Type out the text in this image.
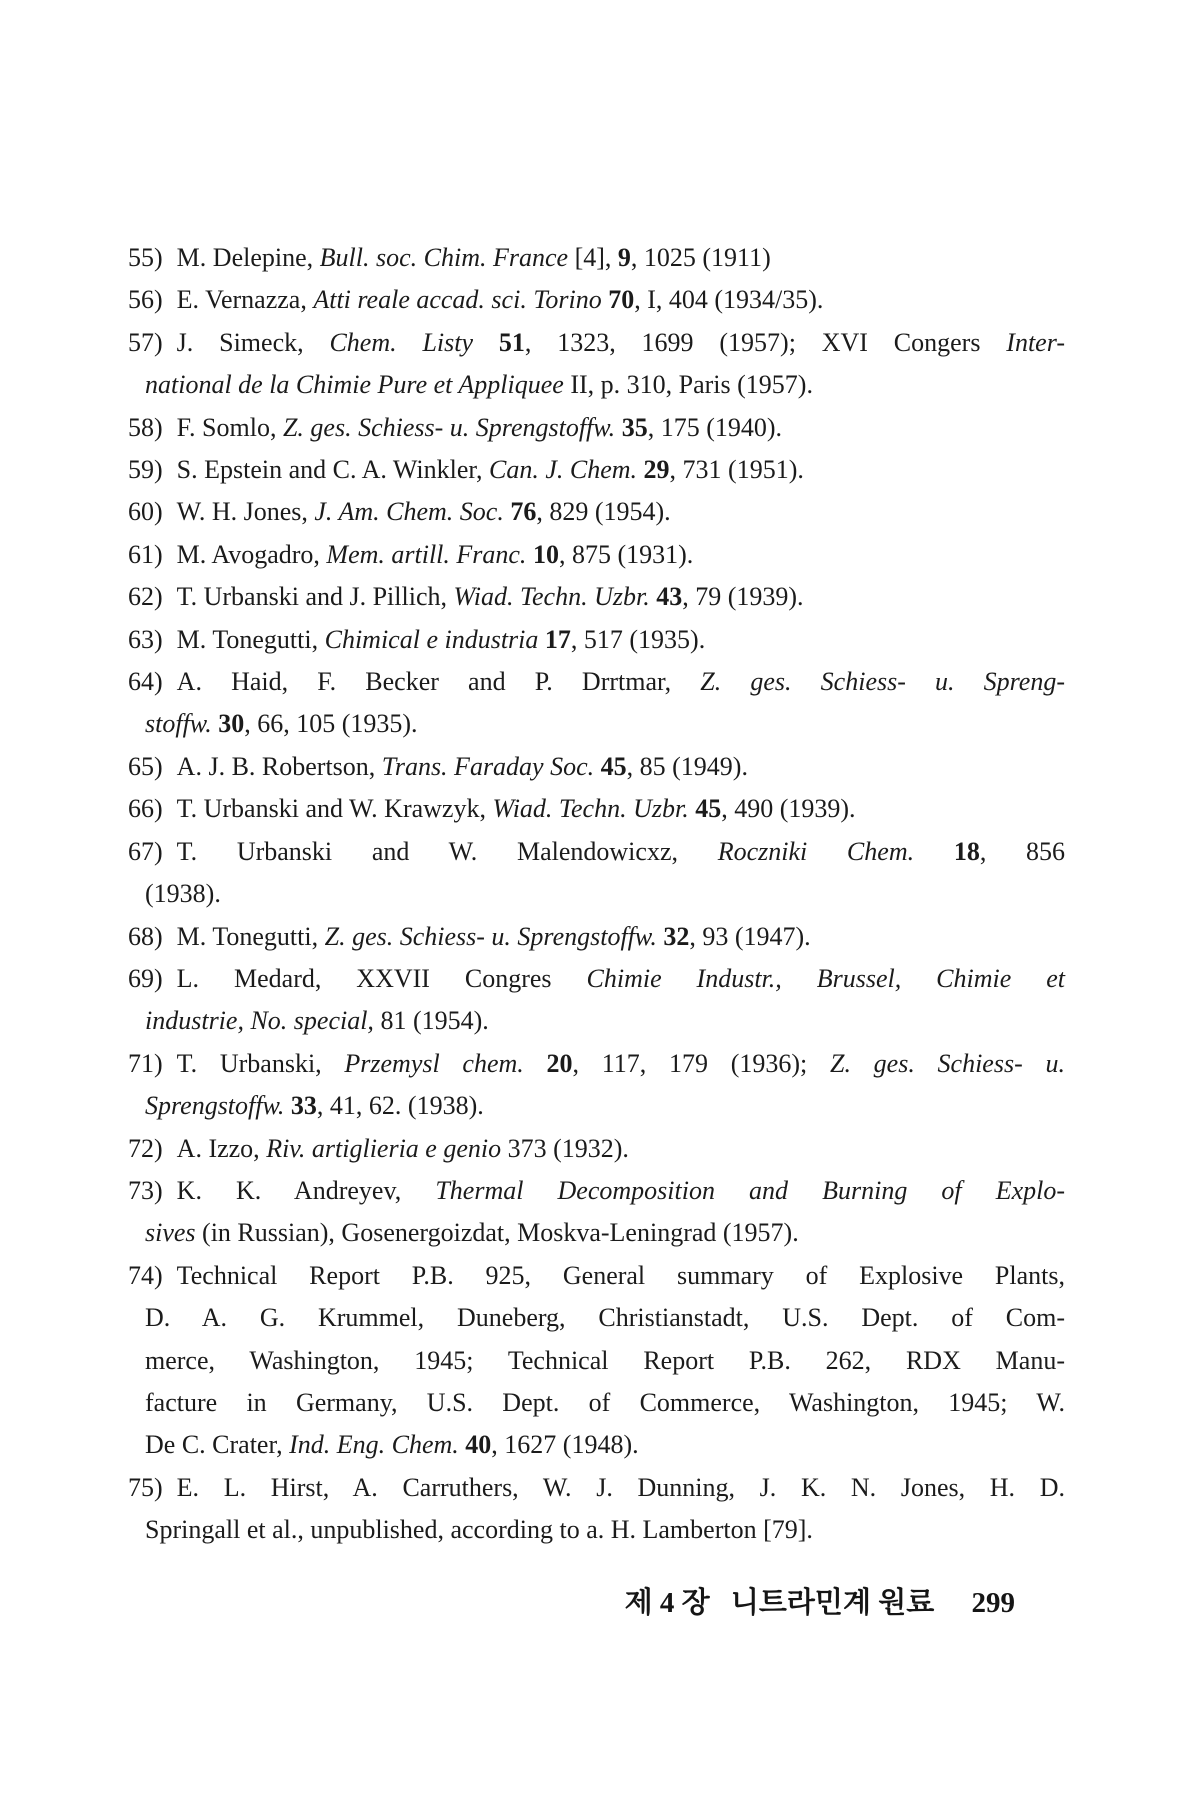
55) M. Delepine, Bull. soc. Chim. France [4], 9, 1025 (1911)
56) E. Vernazza, Atti reale accad. sci. Torino 70, I, 404 (1934/35).
57) J. Simeck, Chem. Listy 51, 1323, 1699 (1957); XVI Congers Inter-
national de la Chimie Pure et Appliquee II, p. 310, Paris (1957).
58) F. Somlo, Z. ges. Schiess- u. Sprengstoffw. 35, 175 (1940).
59) S. Epstein and C. A. Winkler, Can. J. Chem. 29, 731 (1951).
60) W. H. Jones, J. Am. Chem. Soc. 76, 829 (1954).
61) M. Avogadro, Mem. artill. Franc. 10, 875 (1931).
62) T. Urbanski and J. Pillich, Wiad. Techn. Uzbr. 43, 79 (1939).
63) M. Tonegutti, Chimical e industria 17, 517 (1935).
64) A. Haid, F. Becker and P. Drrtmar, Z. ges. Schiess- u. Spreng-
stoffw. 30, 66, 105 (1935).
65) A. J. B. Robertson, Trans. Faraday Soc. 45, 85 (1949).
66) T. Urbanski and W. Krawzyk, Wiad. Techn. Uzbr. 45, 490 (1939).
67) T. Urbanski and W. Malendowicxz, Roczniki Chem. 18, 856
(1938).
68) M. Tonegutti, Z. ges. Schiess- u. Sprengstoffw. 32, 93 (1947).
69) L. Medard, XXVII Congres Chimie Industr., Brussel, Chimie et
industrie, No. special, 81 (1954).
71) T. Urbanski, Przemysl chem. 20, 117, 179 (1936); Z. ges. Schiess- u.
Sprengstoffw. 33, 41, 62. (1938).
72) A. Izzo, Riv. artiglieria e genio 373 (1932).
73) K. K. Andreyev, Thermal Decomposition and Burning of Explo-
sives (in Russian), Gosenergoizdat, Moskva-Leningrad (1957).
74) Technical Report P.B. 925, General summary of Explosive Plants,
D. A. G. Krummel, Duneberg, Christianstadt, U.S. Dept. of Com-
merce, Washington, 1945; Technical Report P.B. 262, RDX Manu-
facture in Germany, U.S. Dept. of Commerce, Washington, 1945; W.
De C. Crater, Ind. Eng. Chem. 40, 1627 (1948).
75) E. L. Hirst, A. Carruthers, W. J. Dunning, J. K. N. Jones, H. D.
Springall et al., unpublished, according to a. H. Lamberton [79].
제 4 장 니트라민계 원료 299
